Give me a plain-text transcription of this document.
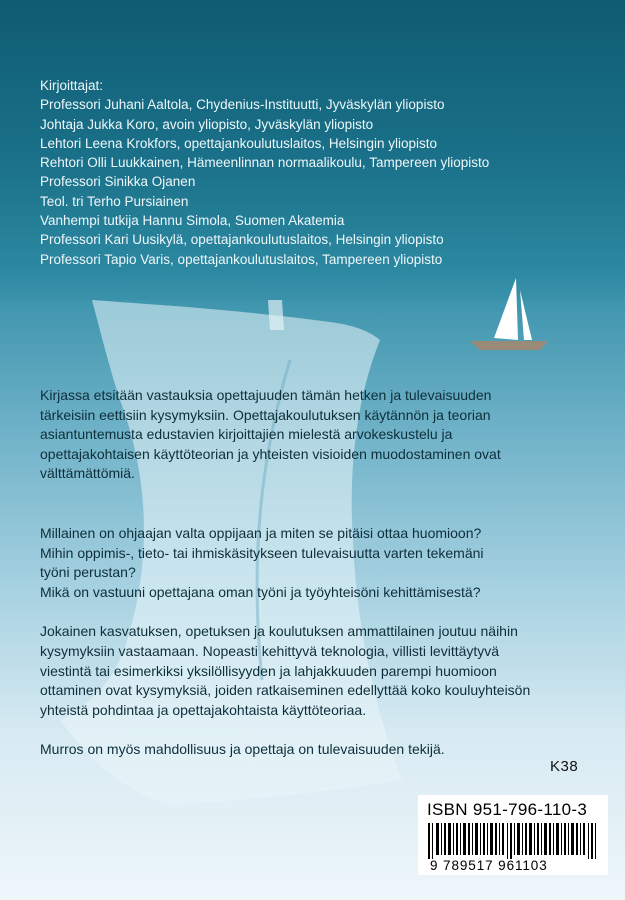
Kirjoittajat:
Professori Juhani Aaltola, Chydenius-Instituutti, Jyväskylän yliopisto
Johtaja Jukka Koro, avoin yliopisto, Jyväskylän yliopisto
Lehtori Leena Krokfors, opettajankoulutuslaitos, Helsingin yliopisto
Rehtori Olli Luukkainen, Hämeenlinnan normaalikoulu, Tampereen yliopisto
Professori Sinikka Ojanen
Teol. tri Terho Pursiainen
Vanhempi tutkija Hannu Simola, Suomen Akatemia
Professori Kari Uusikylä, opettajankoulutuslaitos, Helsingin yliopisto
Professori Tapio Varis, opettajankoulutuslaitos, Tampereen yliopisto

Kirjassa etsitään vastauksia opettajuuden tämän hetken ja tulevaisuuden
tärkeisiin eettisiin kysymyksiin. Opettajakoulutuksen käytännön ja teorian
asiantuntemusta edustavien kirjoittajien mielestä arvokeskustelu ja
opettajakohtaisen käyttöteorian ja yhteisten visioiden muodostaminen ovat
välttämättömiä.

Millainen on ohjaajan valta oppijaan ja miten se pitäisi ottaa huomioon?
Mihin oppimis-, tieto- tai ihmiskäsitykseen tulevaisuutta varten tekemäni
työni perustan?
Mikä on vastuuni opettajana oman työni ja työyhteisöni kehittämisestä?
Jokainen kasvatuksen, opetuksen ja koulutuksen ammattilainen joutuu näihin
kysymyksiin vastaamaan. Nopeasti kehittyvä teknologia, villisti levittäytyvä
viestintä tai esimerkiksi yksilöllisyyden ja lahjakkuuden parempi huomioon
ottaminen ovat kysymyksiä, joiden ratkaiseminen edellyttää koko kouluyhteisön
yhteistä pohdintaa ja opettajakohtaista käyttöteoriaa.
Murros on myös mahdollisuus ja opettaja on tulevaisuuden tekijä.
K38
ISBN 951-796-110-3
9 789517 961103
